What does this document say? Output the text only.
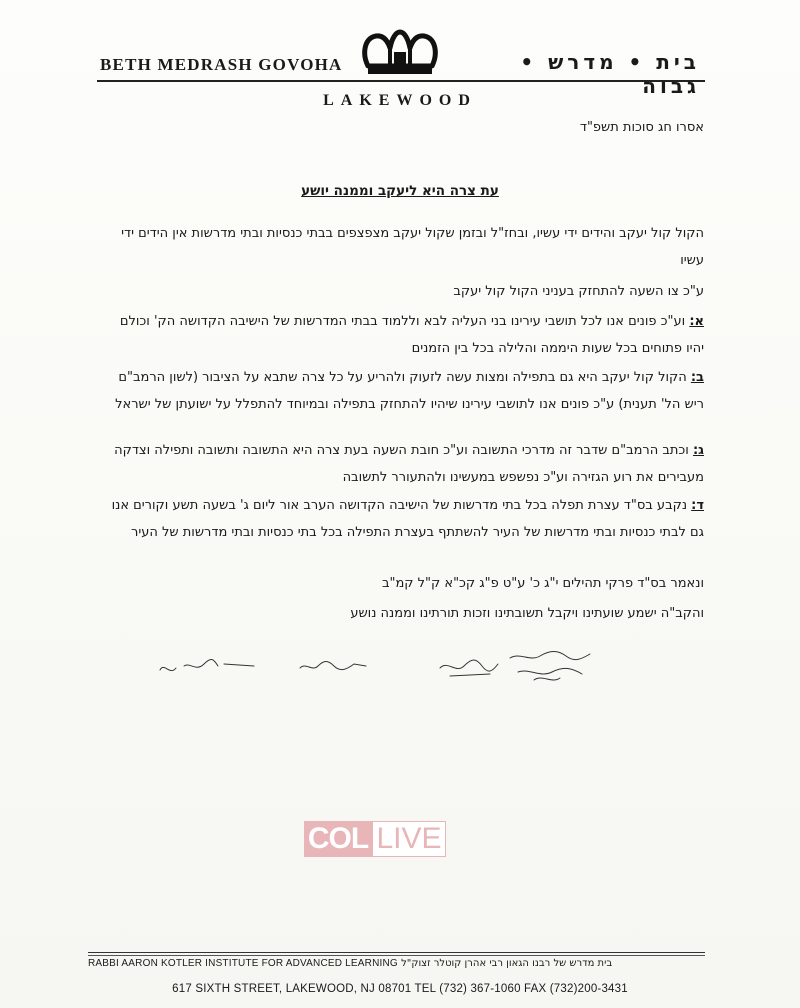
BETH MEDRASH GOVOHA	בית • מדרש • גבוה
LAKEWOOD
אסרו חג סוכות תשפ"ד
עת צרה היא ליעקב וממנה יושע
הקול קול יעקב והידים ידי עשיו, ובחז"ל ובזמן שקול יעקב מצפצפים בבתי כנסיות ובתי מדרשות אין הידים ידי עשיו
ע"כ צו השעה להתחזק בעניני הקול קול יעקב
א: וע"כ פונים אנו לכל תושבי עירינו בני העליה לבא וללמוד בבתי המדרשות של הישיבה הקדושה הק' וכולם יהיו פתוחים בכל שעות היממה והלילה בכל בין הזמנים
ב: הקול קול יעקב היא גם בתפילה ומצות עשה לזעוק ולהריע על כל צרה שתבא על הציבור (לשון הרמב"ם ריש הל' תענית) ע"כ פונים אנו לתושבי עירינו שיהיו להתחזק בתפילה ובמיוחד להתפלל על ישועתן של ישראל
ג: וכתב הרמב"ם שדבר זה מדרכי התשובה וע"כ חובת השעה בעת צרה היא התשובה ותשובה ותפילה וצדקה מעבירים את רוע הגזירה וע"כ נפשפש במעשינו ולהתעורר לתשובה
ד: נקבע בס"ד עצרת תפלה בכל בתי מדרשות של הישיבה הקדושה הערב אור ליום ג' בשעה תשע וקורים אנו גם לבתי כנסיות ובתי מדרשות של העיר להשתתף בעצרת התפילה בכל בתי כנסיות ובתי מדרשות של העיר
ונאמר בס"ד פרקי תהילים י"ג כ' ע"ט פ"ג קכ"א ק"ל קמ"ב
והקב"ה ישמע שועתינו ויקבל תשובתינו וזכות תורתינו וממנה נושע
COL LIVE
RABBI AARON KOTLER INSTITUTE FOR ADVANCED LEARNING בית מדרש של רבנו הגאון רבי אהרן קוטלר זצוק"ל
617 SIXTH STREET, LAKEWOOD, NJ 08701 TEL (732) 367-1060 FAX (732)200-3431
